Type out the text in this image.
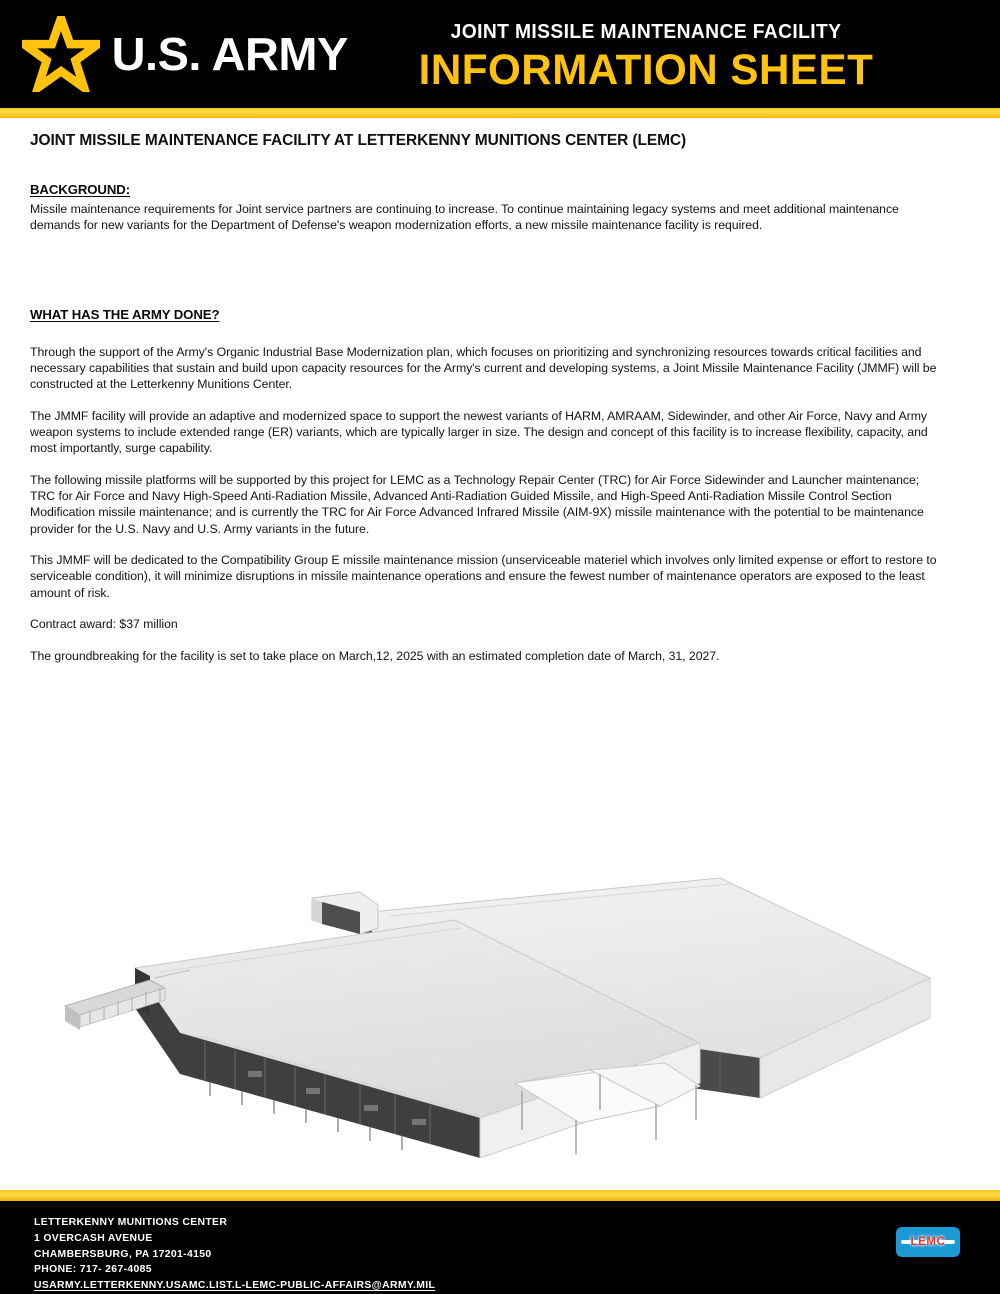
U.S. ARMY	JOINT MISSILE MAINTENANCE FACILITY
INFORMATION SHEET
JOINT MISSILE MAINTENANCE FACILITY AT LETTERKENNY MUNITIONS CENTER (LEMC)
BACKGROUND:

Missile maintenance requirements for Joint service partners are continuing to increase. To continue maintaining legacy systems and meet additional maintenance demands for new variants for the Department of Defense's weapon modernization efforts, a new missile maintenance facility is required.

WHAT HAS THE ARMY DONE?

Through the support of the Army's Organic Industrial Base Modernization plan, which focuses on prioritizing and synchronizing resources towards critical facilities and necessary capabilities that sustain and build upon capacity resources for the Army's current and developing systems, a Joint Missile Maintenance Facility (JMMF) will be constructed at the Letterkenny Munitions Center.

The JMMF facility will provide an adaptive and modernized space to support the newest variants of HARM, AMRAAM, Sidewinder, and other Air Force, Navy and Army weapon systems to include extended range (ER) variants, which are typically larger in size. The design and concept of this facility is to increase flexibility, capacity, and most importantly, surge capability.

The following missile platforms will be supported by this project for LEMC as a Technology Repair Center (TRC) for Air Force Sidewinder and Launcher maintenance; TRC for Air Force and Navy High-Speed Anti-Radiation Missile, Advanced Anti-Radiation Guided Missile, and High-Speed Anti-Radiation Missile Control Section Modification missile maintenance; and is currently the TRC for Air Force Advanced Infrared Missile (AIM-9X) missile maintenance with the potential to be maintenance provider for the U.S. Navy and U.S. Army variants in the future.

This JMMF will be dedicated to the Compatibility Group E missile maintenance mission (unserviceable materiel which involves only limited expense or effort to restore to serviceable condition), it will minimize disruptions in missile maintenance operations and ensure the fewest number of maintenance operators are exposed to the least amount of risk.

Contract award: $37 million

The groundbreaking for the facility is set to take place on March,12, 2025 with an estimated completion date of March, 31, 2027.

LETTERKENNY MUNITIONS CENTER
1 OVERCASH AVENUE
CHAMBERSBURG, PA 17201-4150
PHONE: 717- 267-4085
USARMY.LETTERKENNY.USAMC.LIST.L-LEMC-PUBLIC-AFFAIRS@ARMY.MIL
LEMC
